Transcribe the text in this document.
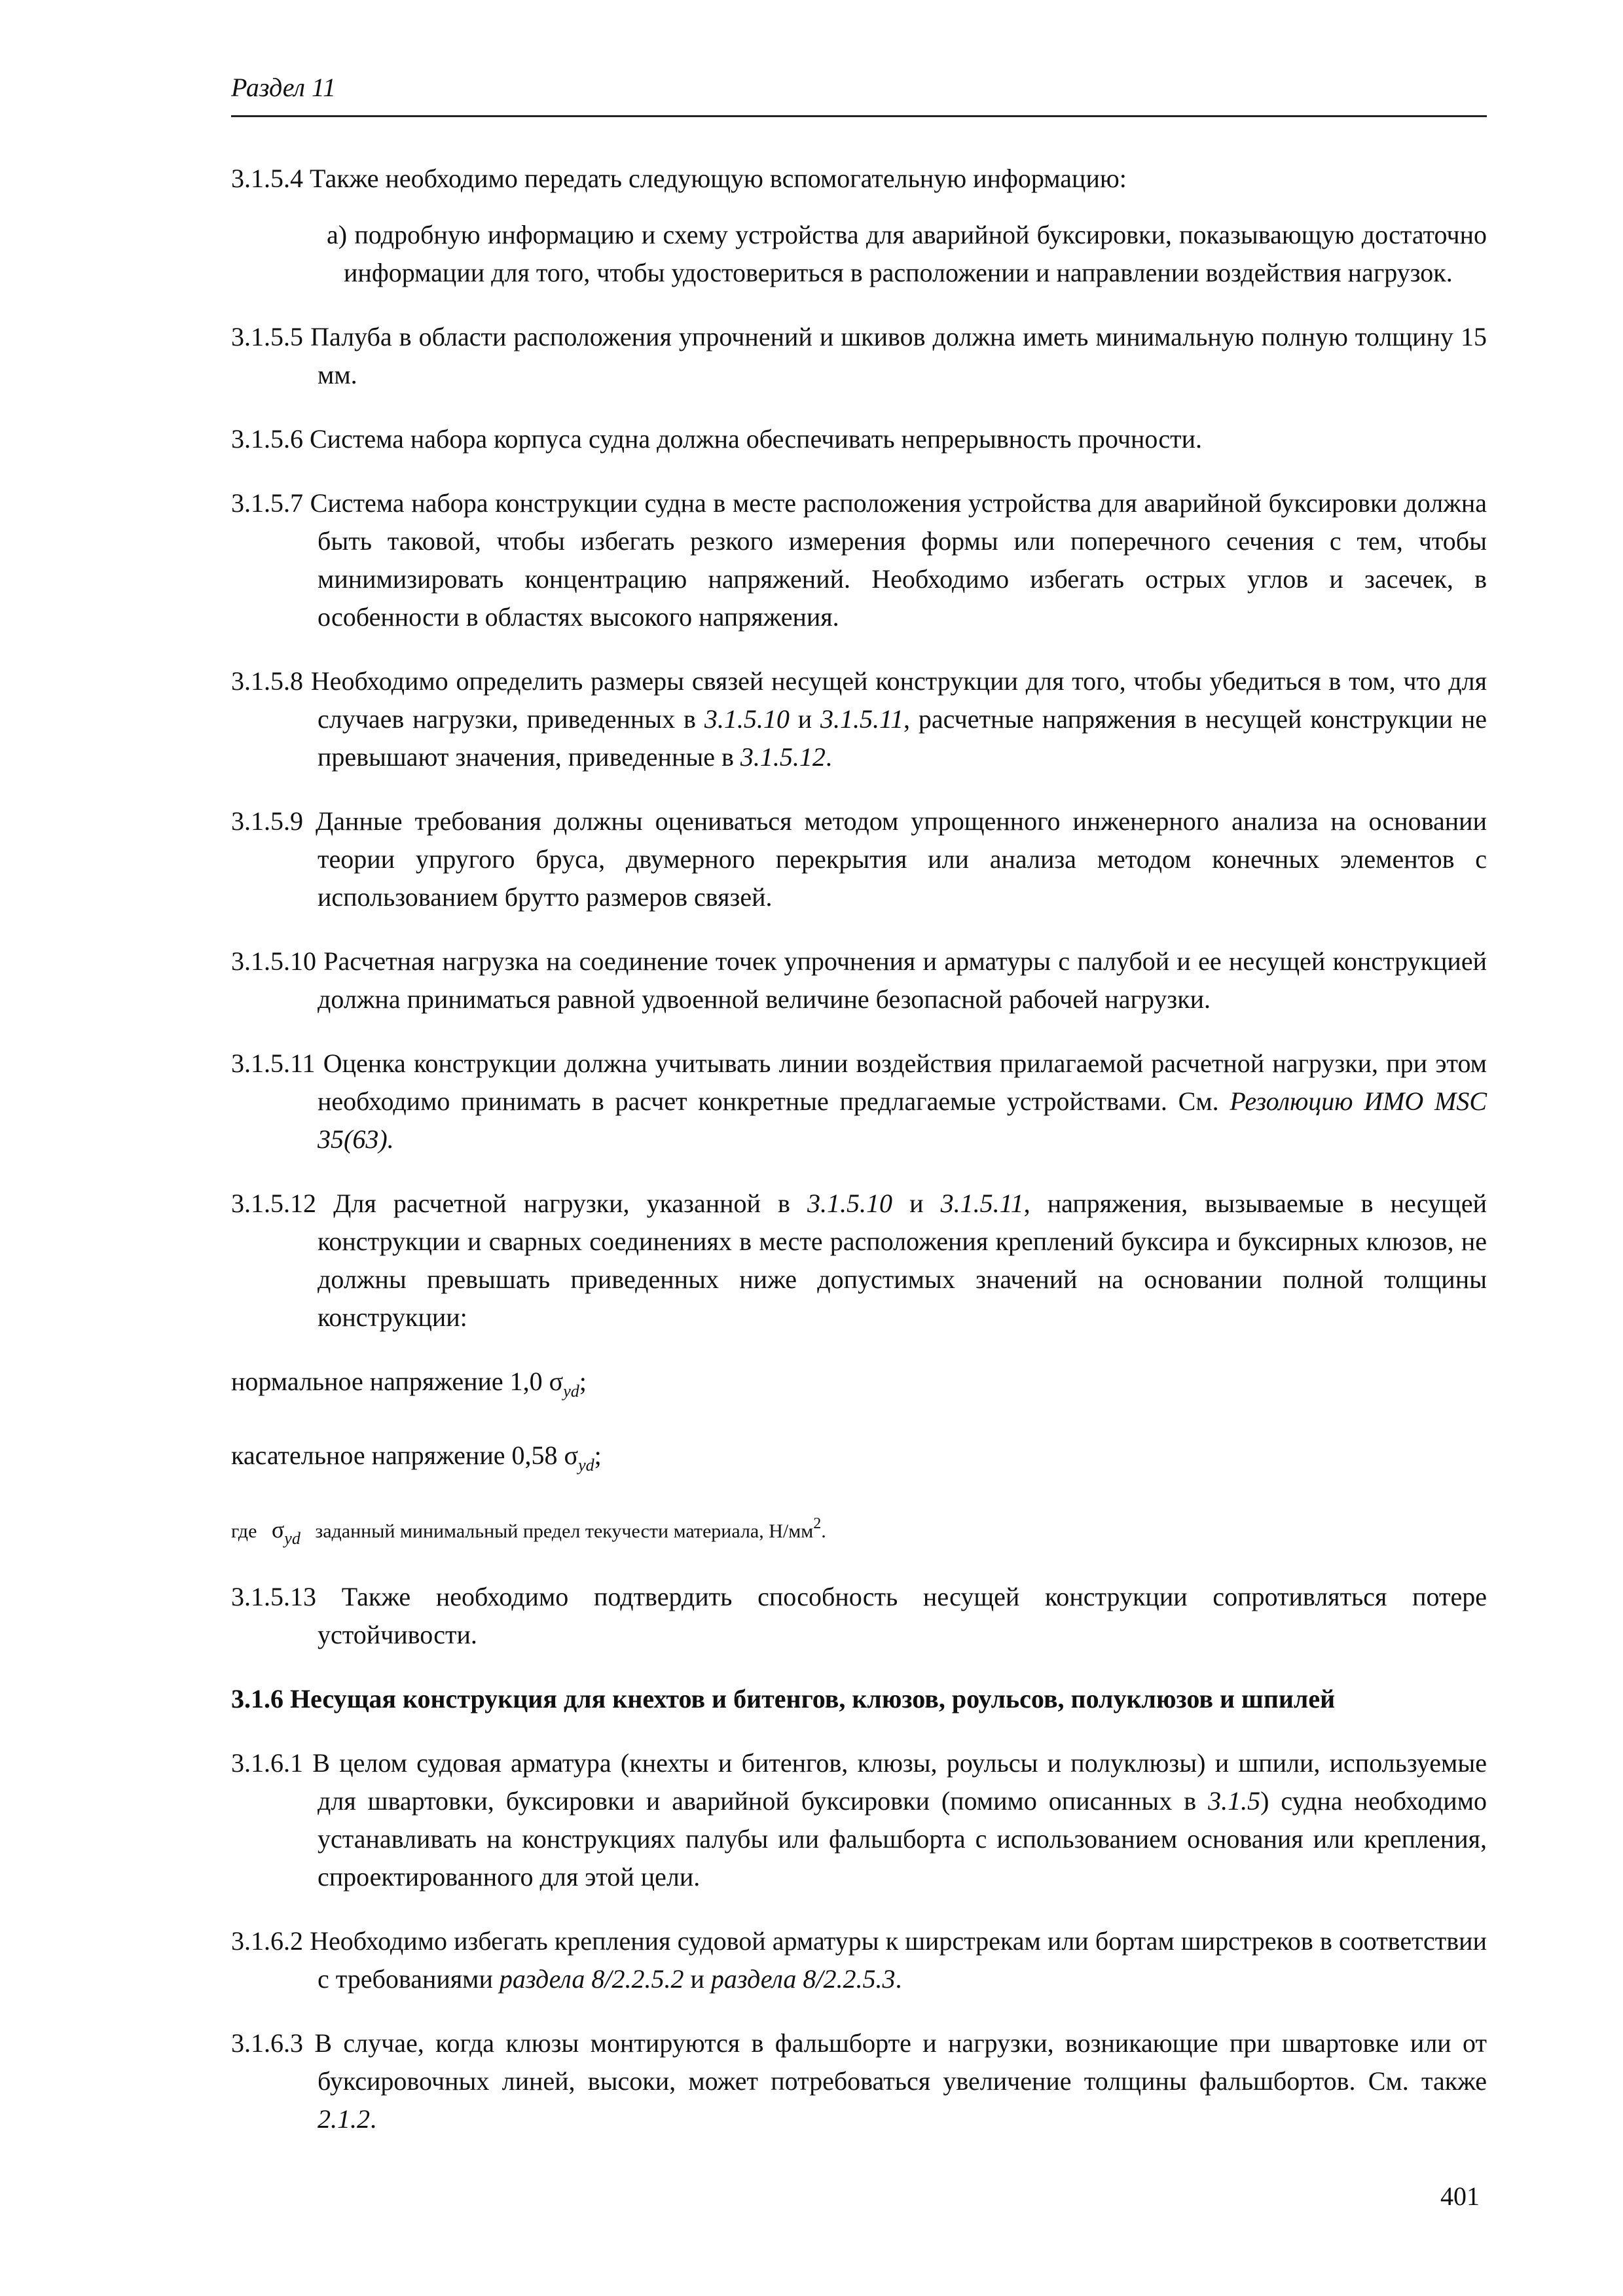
Раздел 11

3.1.5.4 Также необходимо передать следующую вспомогательную информацию:

а) подробную информацию и схему устройства для аварийной буксировки, показывающую достаточно информации для того, чтобы удостовериться в расположении и направлении воздействия нагрузок.

3.1.5.5 Палуба в области расположения упрочнений и шкивов должна иметь минимальную полную толщину 15 мм.

3.1.5.6 Система набора корпуса судна должна обеспечивать непрерывность прочности.

3.1.5.7 Система набора конструкции судна в месте расположения устройства для аварийной буксировки должна быть таковой, чтобы избегать резкого измерения формы или поперечного сечения с тем, чтобы минимизировать концентрацию напряжений. Необходимо избегать острых углов и засечек, в особенности в областях высокого напряжения.

3.1.5.8 Необходимо определить размеры связей несущей конструкции для того, чтобы убедиться в том, что для случаев нагрузки, приведенных в 3.1.5.10 и 3.1.5.11, расчетные напряжения в несущей конструкции не превышают значения, приведенные в 3.1.5.12.

3.1.5.9 Данные требования должны оцениваться методом упрощенного инженерного анализа на основании теории упругого бруса, двумерного перекрытия или анализа методом конечных элементов с использованием брутто размеров связей.

3.1.5.10 Расчетная нагрузка на соединение точек упрочнения и арматуры с палубой и ее несущей конструкцией должна приниматься равной удвоенной величине безопасной рабочей нагрузки.

3.1.5.11 Оценка конструкции должна учитывать линии воздействия прилагаемой расчетной нагрузки, при этом необходимо принимать в расчет конкретные предлагаемые устройствами. См. Резолюцию ИМО MSC 35(63).

3.1.5.12 Для расчетной нагрузки, указанной в 3.1.5.10 и 3.1.5.11, напряжения, вызываемые в несущей конструкции и сварных соединениях в месте расположения креплений буксира и буксирных клюзов, не должны превышать приведенных ниже допустимых значений на основании полной толщины конструкции:

нормальное напряжение 1,0 $\sigma_{yd}$;

касательное напряжение 0,58 $\sigma_{yd}$;

где σyd заданный минимальный предел текучести материала, $Н/мм^2$.

3.1.5.13 Также необходимо подтвердить способность несущей конструкции сопротивляться потере устойчивости.

3.1.6 Несущая конструкция для кнехтов и битенгов, клюзов, роульсов, полуклюзов и шпилей

3.1.6.1 В целом судовая арматура (кнехты и битенгов, клюзы, роульсы и полуклюзы) и шпили, используемые для швартовки, буксировки и аварийной буксировки (помимо описанных в 3.1.5) судна необходимо устанавливать на конструкциях палубы или фальшборта с использованием основания или крепления, спроектированного для этой цели.

3.1.6.2 Необходимо избегать крепления судовой арматуры к ширстрекам или бортам ширстреков в соответствии с требованиями раздела 8/2.2.5.2 и раздела 8/2.2.5.3.

3.1.6.3 В случае, когда клюзы монтируются в фальшборте и нагрузки, возникающие при швартовке или от буксировочных линей, высоки, может потребоваться увеличение толщины фальшбортов. См. также 2.1.2.

401
